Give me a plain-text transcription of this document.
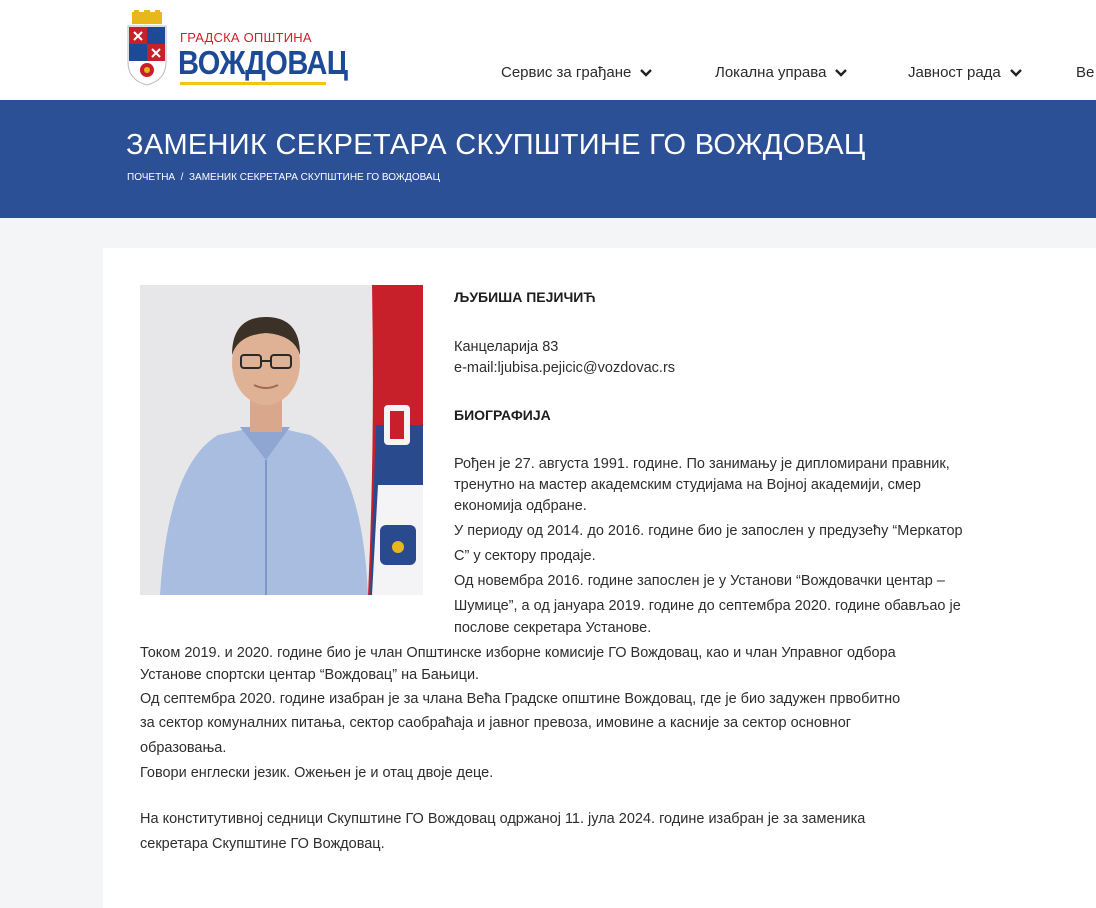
ГРАДСКА ОПШТИНА
ВОЖДОВАЦ	Сервис за грађане	Локална управа	Јавност рада	Ве
ЗАМЕНИК СЕКРЕТАРА СКУПШТИНЕ ГО ВОЖДОВАЦ
ПОЧЕТНА / ЗАМЕНИК СЕКРЕТАРА СКУПШТИНЕ ГО ВОЖДОВАЦ
ЉУБИША ПЕЈИЧИЋ
Канцеларија 83
e-mail:ljubisa.pejicic@vozdovac.rs
БИОГРАФИЈА
Рођен је 27. августа 1991. године. По занимању је дипломирани правник,
тренутно на мастер академским студијама на Војној академији, смер
економија одбране.
У периоду од 2014. до 2016. године био је запослен у предузећу “Меркатор
С” у сектору продаје.
Од новембра 2016. године запослен је у Установи “Вождовачки центар –
Шумице”, а од јануара 2019. године до септембра 2020. године обављао је
послове секретара Установе.
Током 2019. и 2020. године био је члан Општинске изборне комисије ГО Вождовац, као и члан Управног одбора
Установе спортски центар “Вождовац” на Бањици.
Од септембра 2020. године изабран је за члана Већа Градске општине Вождовац, где је био задужен првобитно
за сектор комуналних питања, сектор саобраћаја и јавног превоза, имовине а касније за сектор основног
образовања.
Говори енглески језик. Ожењен је и отац двоје деце.
На конститутивној седници Скупштине ГО Вождовац одржаној 11. јула 2024. године изабран је за заменика
секретара Скупштине ГО Вождовац.
